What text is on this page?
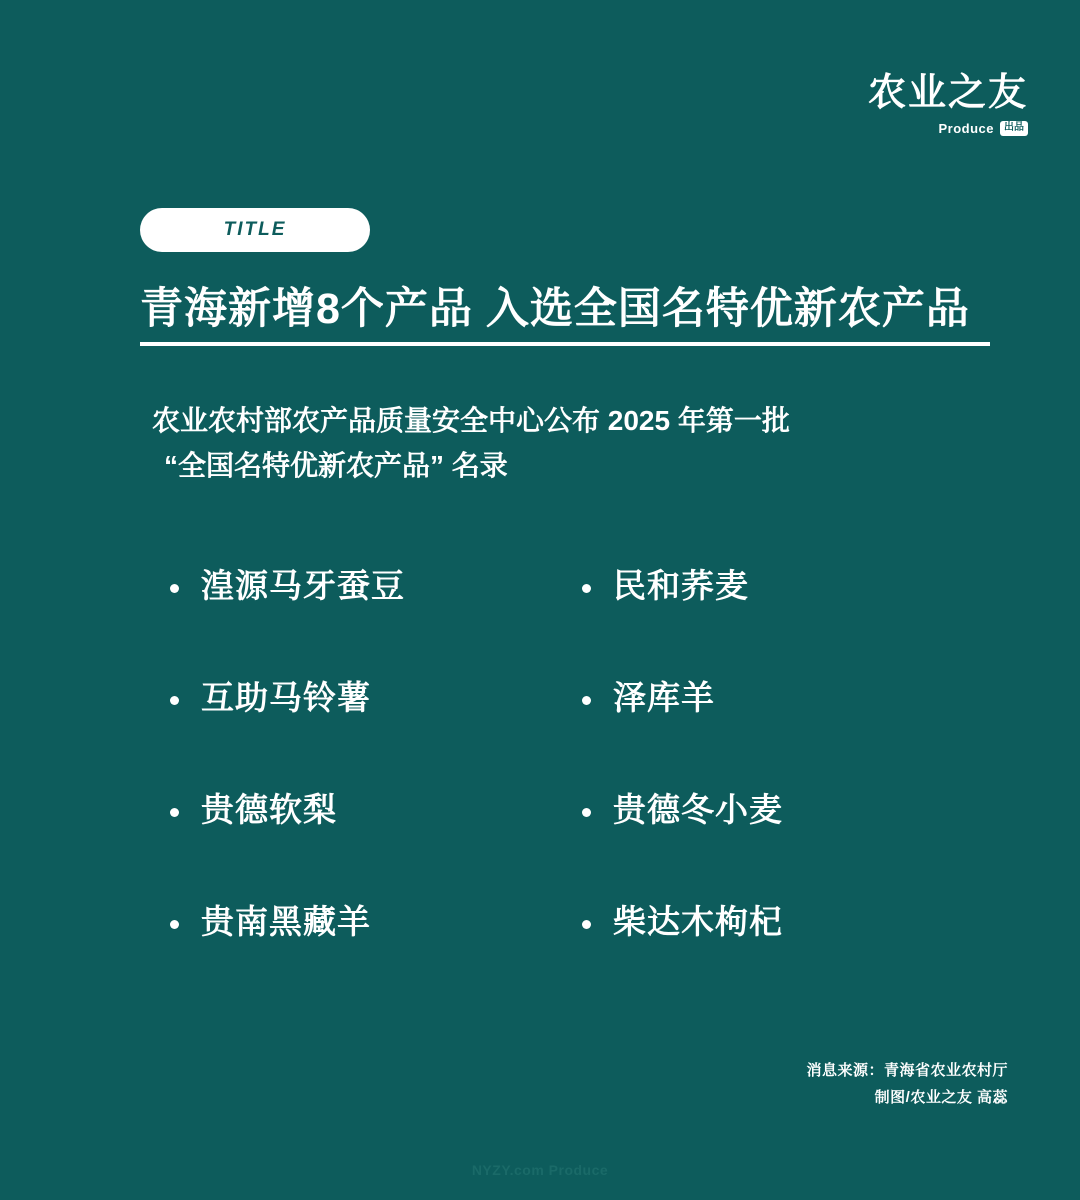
农业之友
Produce	出品
TITLE
青海新增8个产品 入选全国名特优新农产品
农业农村部农产品质量安全中心公布 2025 年第一批
“全国名特优新农产品” 名录
湟源马牙蚕豆	民和荞麦
互助马铃薯	泽库羊
贵德软梨	贵德冬小麦
贵南黑藏羊	柴达木枸杞
消息来源：青海省农业农村厅
制图/农业之友 高蕊
NYZY.com Produce
